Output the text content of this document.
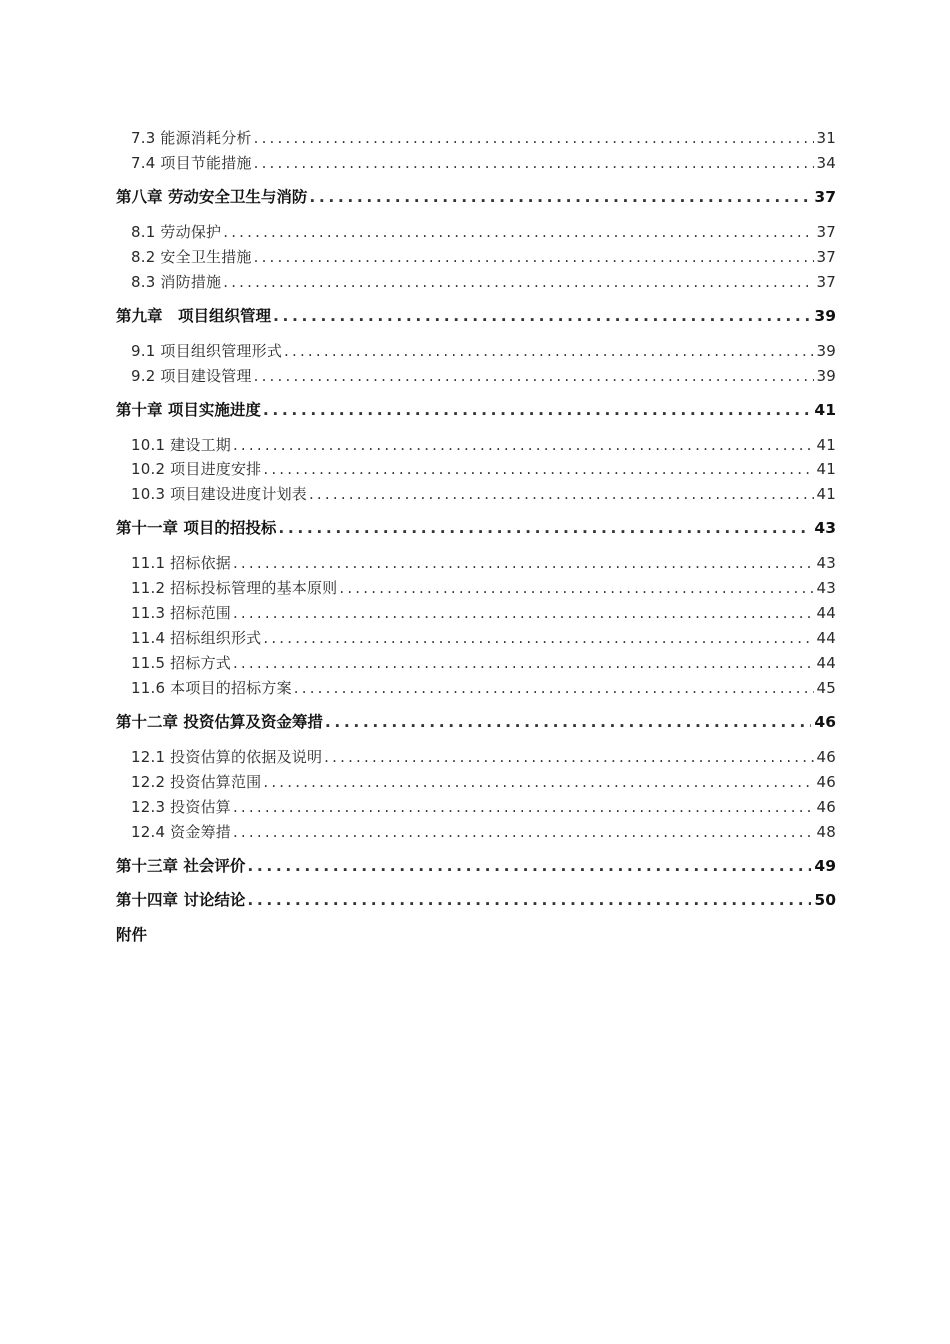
7.3 能源消耗分析 .....	31
7.4 项目节能措施 .....	34
第八章 劳动安全卫生与消防 .....	37
8.1 劳动保护 .....	37
8.2 安全卫生措施 .....	37
8.3 消防措施 .....	37
第九章　项目组织管理 .....	39
9.1 项目组织管理形式 .....	39
9.2 项目建设管理 .....	39
第十章 项目实施进度 .....	41
10.1 建设工期 .....	41
10.2 项目进度安排 .....	41
10.3 项目建设进度计划表 .....	41
第十一章 项目的招投标 .....	43
11.1 招标依据 .....	43
11.2 招标投标管理的基本原则 .....	43
11.3 招标范围 .....	44
11.4 招标组织形式 .....	44
11.5 招标方式 .....	44
11.6 本项目的招标方案 .....	45
第十二章 投资估算及资金筹措 .....	46
12.1 投资估算的依据及说明 .....	46
12.2 投资估算范围 .....	46
12.3 投资估算 .....	46
12.4 资金筹措 .....	48
第十三章 社会评价 .....	49
第十四章 讨论结论 .....	50
附件
